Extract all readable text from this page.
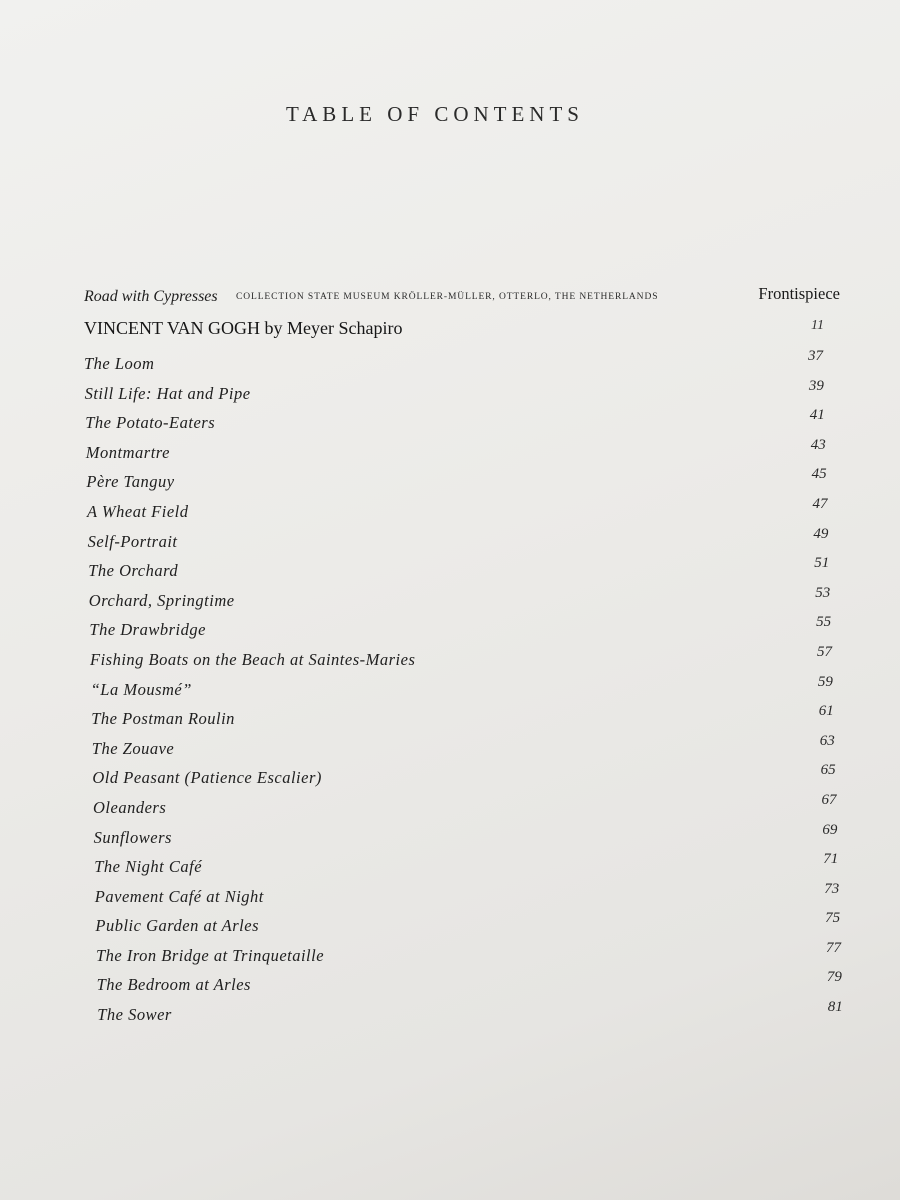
TABLE OF CONTENTS
Road with Cypresses COLLECTION STATE MUSEUM KRÖLLER-MÜLLER, OTTERLO, THE NETHERLANDS	Frontispiece
VINCENT VAN GOGH by Meyer Schapiro	11
The Loom	37
Still Life: Hat and Pipe	39
The Potato-Eaters	41
Montmartre	43
Père Tanguy	45
A Wheat Field	47
Self-Portrait	49
The Orchard	51
Orchard, Springtime	53
The Drawbridge	55
Fishing Boats on the Beach at Saintes-Maries	57
“La Mousmé”	59
The Postman Roulin	61
The Zouave	63
Old Peasant (Patience Escalier)	65
Oleanders	67
Sunflowers	69
The Night Café	71
Pavement Café at Night	73
Public Garden at Arles	75
The Iron Bridge at Trinquetaille	77
The Bedroom at Arles	79
The Sower	81
